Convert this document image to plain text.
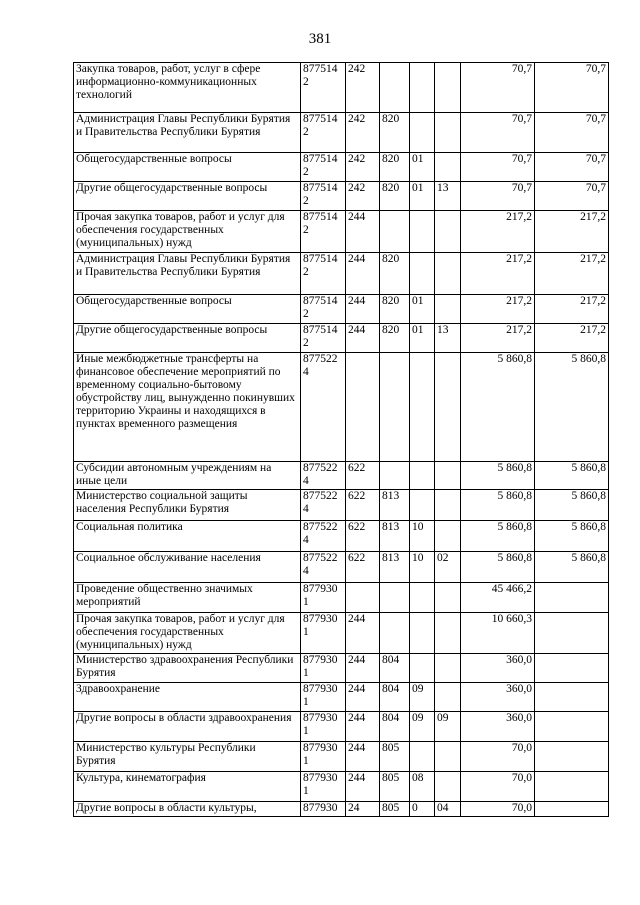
381
Закупка товаров, работ, услуг в сфере информационно-коммуникационных технологий	8775142	242				70,7	70,7
Администрация Главы Республики Бурятия и Правительства Республики Бурятия	8775142	242	820			70,7	70,7
Общегосударственные вопросы	8775142	242	820	01		70,7	70,7
Другие общегосударственные вопросы	8775142	242	820	01	13	70,7	70,7
Прочая закупка товаров, работ и услуг для обеспечения государственных (муниципальных) нужд	8775142	244				217,2	217,2
Администрация Главы Республики Бурятия и Правительства Республики Бурятия	8775142	244	820			217,2	217,2
Общегосударственные вопросы	8775142	244	820	01		217,2	217,2
Другие общегосударственные вопросы	8775142	244	820	01	13	217,2	217,2
Иные межбюджетные трансферты на финансовое обеспечение мероприятий по временному социально-бытовому обустройству лиц, вынужденно покинувших территорию Украины и находящихся в пунктах временного размещения	8775224					5 860,8	5 860,8
Субсидии автономным учреждениям на иные цели	8775224	622				5 860,8	5 860,8
Министерство социальной защиты населения Республики Бурятия	8775224	622	813			5 860,8	5 860,8
Социальная политика	8775224	622	813	10		5 860,8	5 860,8
Социальное обслуживание населения	8775224	622	813	10	02	5 860,8	5 860,8
Проведение общественно значимых мероприятий	8779301					45 466,2	
Прочая закупка товаров, работ и услуг для обеспечения государственных (муниципальных) нужд	8779301	244				10 660,3	
Министерство здравоохранения Республики Бурятия	8779301	244	804			360,0	
Здравоохранение	8779301	244	804	09		360,0	
Другие вопросы в области здравоохранения	8779301	244	804	09	09	360,0	
Министерство культуры Республики Бурятия	8779301	244	805			70,0	
Культура, кинематография	8779301	244	805	08		70,0	
Другие вопросы в области культуры,	877930	24	805	0	04	70,0	
